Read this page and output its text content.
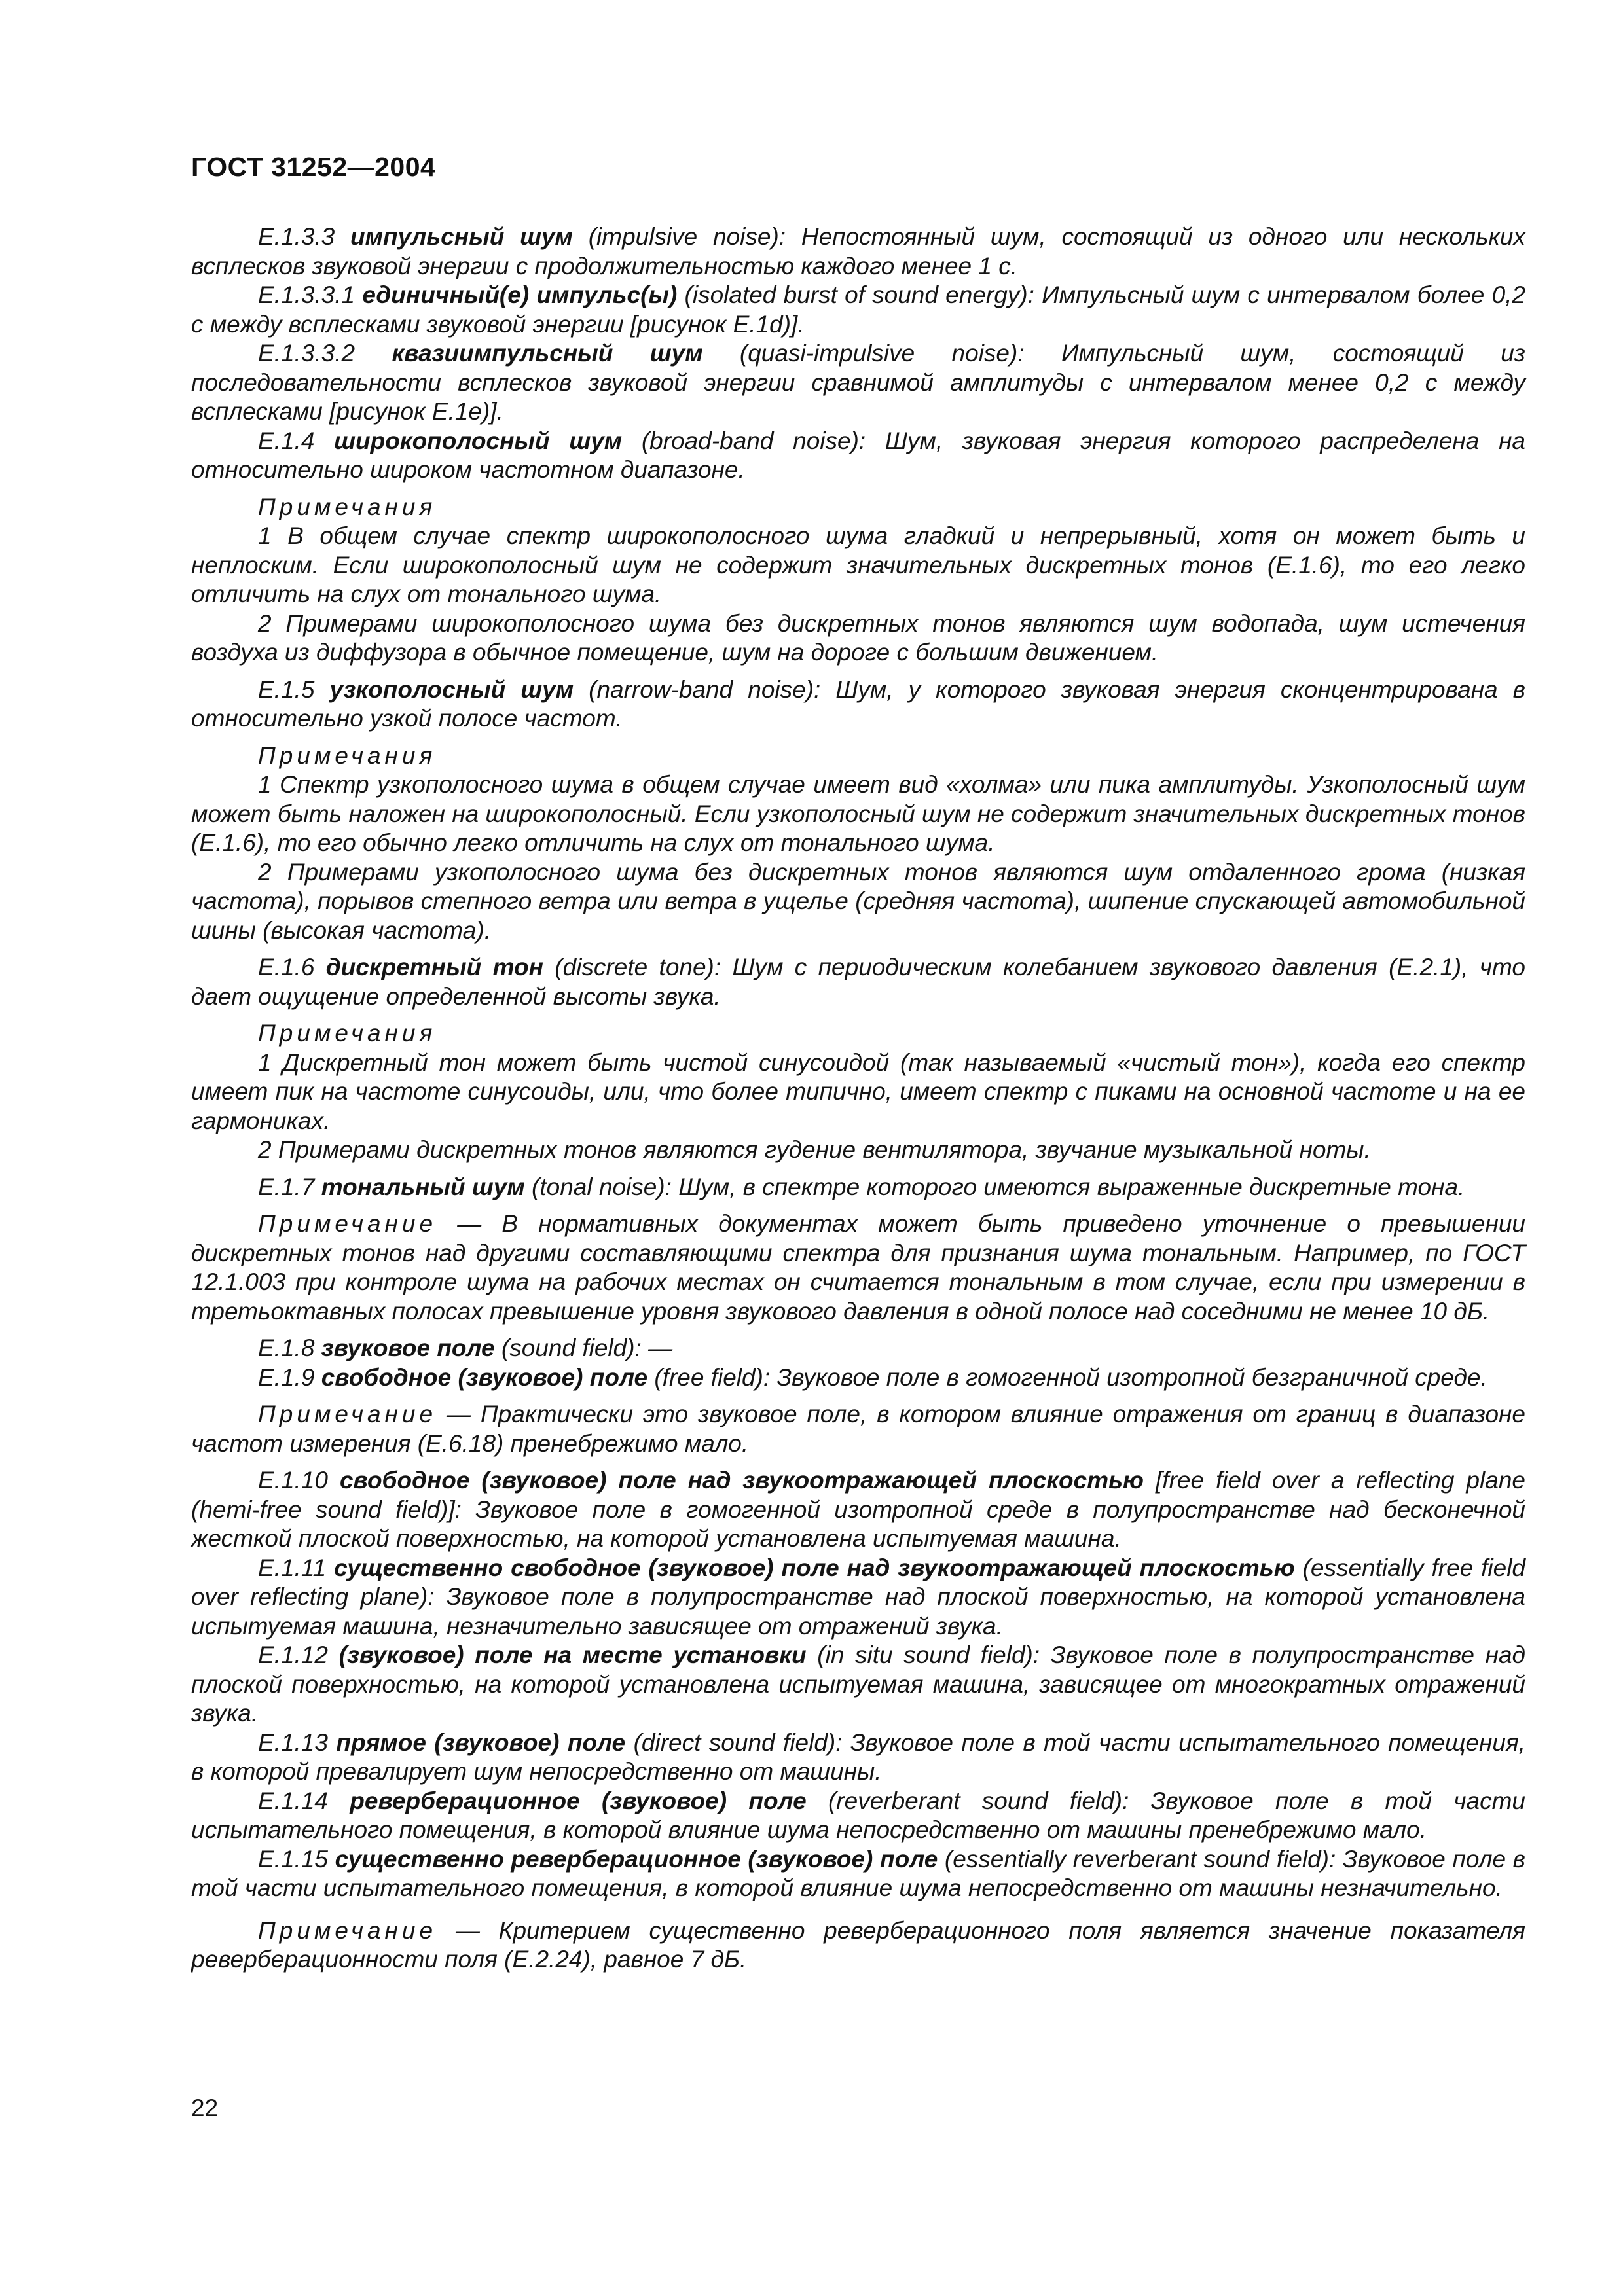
ГОСТ 31252—2004

Е.1.3.3 импульсный шум (impulsive noise): Непостоянный шум, состоящий из одного или нескольких всплесков звуковой энергии с продолжительностью каждого менее 1 с.

Е.1.3.3.1 единичный(е) импульс(ы) (isolated burst of sound energy): Импульсный шум с интервалом более 0,2 с между всплесками звуковой энергии [рисунок Е.1d)].

Е.1.3.3.2 квазиимпульсный шум (quasi-impulsive noise): Импульсный шум, состоящий из последовательности всплесков звуковой энергии сравнимой амплитуды с интервалом менее 0,2 с между всплесками [рисунок Е.1е)].

Е.1.4 широкополосный шум (broad-band noise): Шум, звуковая энергия которого распределена на относительно широком частотном диапазоне.

Примечания

1 В общем случае спектр широкополосного шума гладкий и непрерывный, хотя он может быть и неплоским. Если широкополосный шум не содержит значительных дискретных тонов (Е.1.6), то его легко отличить на слух от тонального шума.

2 Примерами широкополосного шума без дискретных тонов являются шум водопада, шум истечения воздуха из диффузора в обычное помещение, шум на дороге с большим движением.

Е.1.5 узкополосный шум (narrow-band noise): Шум, у которого звуковая энергия сконцентрирована в относительно узкой полосе частот.

Примечания

1 Спектр узкополосного шума в общем случае имеет вид «холма» или пика амплитуды. Узкополосный шум может быть наложен на широкополосный. Если узкополосный шум не содержит значительных дискретных тонов (Е.1.6), то его обычно легко отличить на слух от тонального шума.

2 Примерами узкополосного шума без дискретных тонов являются шум отдаленного грома (низкая частота), порывов степного ветра или ветра в ущелье (средняя частота), шипение спускающей автомобильной шины (высокая частота).

Е.1.6 дискретный тон (discrete tone): Шум с периодическим колебанием звукового давления (Е.2.1), что дает ощущение определенной высоты звука.

Примечания

1 Дискретный тон может быть чистой синусоидой (так называемый «чистый тон»), когда его спектр имеет пик на частоте синусоиды, или, что более типично, имеет спектр с пиками на основной частоте и на ее гармониках.

2 Примерами дискретных тонов являются гудение вентилятора, звучание музыкальной ноты.

Е.1.7 тональный шум (tonal noise): Шум, в спектре которого имеются выраженные дискретные тона.

Примечание — В нормативных документах может быть приведено уточнение о превышении дискретных тонов над другими составляющими спектра для признания шума тональным. Например, по ГОСТ 12.1.003 при контроле шума на рабочих местах он считается тональным в том случае, если при измерении в третьоктавных полосах превышение уровня звукового давления в одной полосе над соседними не менее 10 дБ.

Е.1.8 звуковое поле (sound field): —

Е.1.9 свободное (звуковое) поле (free field): Звуковое поле в гомогенной изотропной безграничной среде.

Примечание — Практически это звуковое поле, в котором влияние отражения от границ в диапазоне частот измерения (Е.6.18) пренебрежимо мало.

Е.1.10 свободное (звуковое) поле над звукоотражающей плоскостью [free field over a reflecting plane (hemi-free sound field)]: Звуковое поле в гомогенной изотропной среде в полупространстве над бесконечной жесткой плоской поверхностью, на которой установлена испытуемая машина.

Е.1.11 существенно свободное (звуковое) поле над звукоотражающей плоскостью (essentially free field over reflecting plane): Звуковое поле в полупространстве над плоской поверхностью, на которой установлена испытуемая машина, незначительно зависящее от отражений звука.

Е.1.12 (звуковое) поле на месте установки (in situ sound field): Звуковое поле в полупространстве над плоской поверхностью, на которой установлена испытуемая машина, зависящее от многократных отражений звука.

Е.1.13 прямое (звуковое) поле (direct sound field): Звуковое поле в той части испытательного помещения, в которой превалирует шум непосредственно от машины.

Е.1.14 реверберационное (звуковое) поле (reverberant sound field): Звуковое поле в той части испытательного помещения, в которой влияние шума непосредственно от машины пренебрежимо мало.

Е.1.15 существенно реверберационное (звуковое) поле (essentially reverberant sound field): Звуковое поле в той части испытательного помещения, в которой влияние шума непосредственно от машины незначительно.

Примечание — Критерием существенно реверберационного поля является значение показателя реверберационности поля (Е.2.24), равное 7 дБ.

22
